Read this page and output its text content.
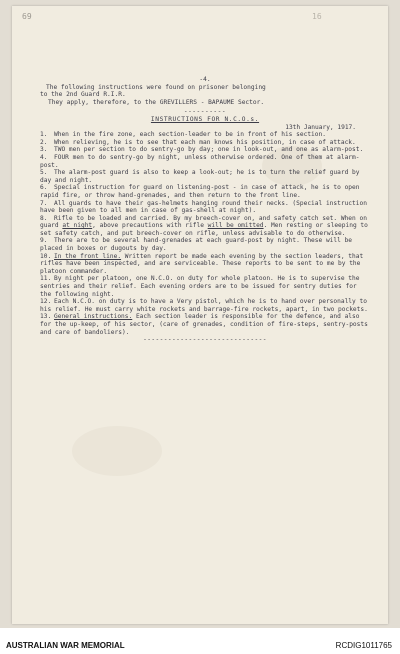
69	16

-4.

The following instructions were found on prisoner belonging

to the 2nd Guard R.I.R.

They apply, therefore, to the GREVILLERS - BAPAUME Sector.

----------

INSTRUCTIONS FOR N.C.O.s.

13th January, 1917.

1. When in the fire zone, each section-leader to be in front of his section.

2. When relieving, he is to see that each man knows his position, in case of attack.

3. TWO men per section to do sentry-go by day; one in look-out, and one as alarm-post.

4. FOUR men to do sentry-go by night, unless otherwise ordered. One of them at alarm-post.

5. The alarm-post guard is also to keep a look-out; he is to turn the relief guard by day and night.

6. Special instruction for guard on listening-post - in case of attack, he is to open rapid fire, or throw hand-grenades, and then return to the front line.

7. All guards to have their gas-helmets hanging round their necks. (Special instruction have been given to all men in case of gas-shell at night).

8. Rifle to be loaded and carried. By my breech-cover on, and safety catch set. When on guard at night, above precautions with rifle will be omitted. Men resting or sleeping to set safety catch, and put breech-cover on rifle, unless advisable to do otherwise.

9. There are to be several hand-grenades at each guard-post by night. These will be placed in boxes or dugouts by day.

10. In the front line. Written report be made each evening by the section leaders, that rifles have been inspected, and are serviceable. These reports to be sent to me by the platoon commander.

11. By night per platoon, one N.C.O. on duty for whole platoon. He is to supervise the sentries and their relief. Each evening orders are to be issued for sentry duties for the following night.

12. Each N.C.O. on duty is to have a Very pistol, which he is to hand over personally to his relief. He must carry white rockets and barrage-fire rockets, apart, in two pockets.

13. General instructions. Each section leader is responsible for the defence, and also for the up-keep, of his sector, (care of grenades, condition of fire-steps, sentry-posts and care of bandoliers).

------------------------------

AUSTRALIAN WAR MEMORIAL	RCDIG1011765
